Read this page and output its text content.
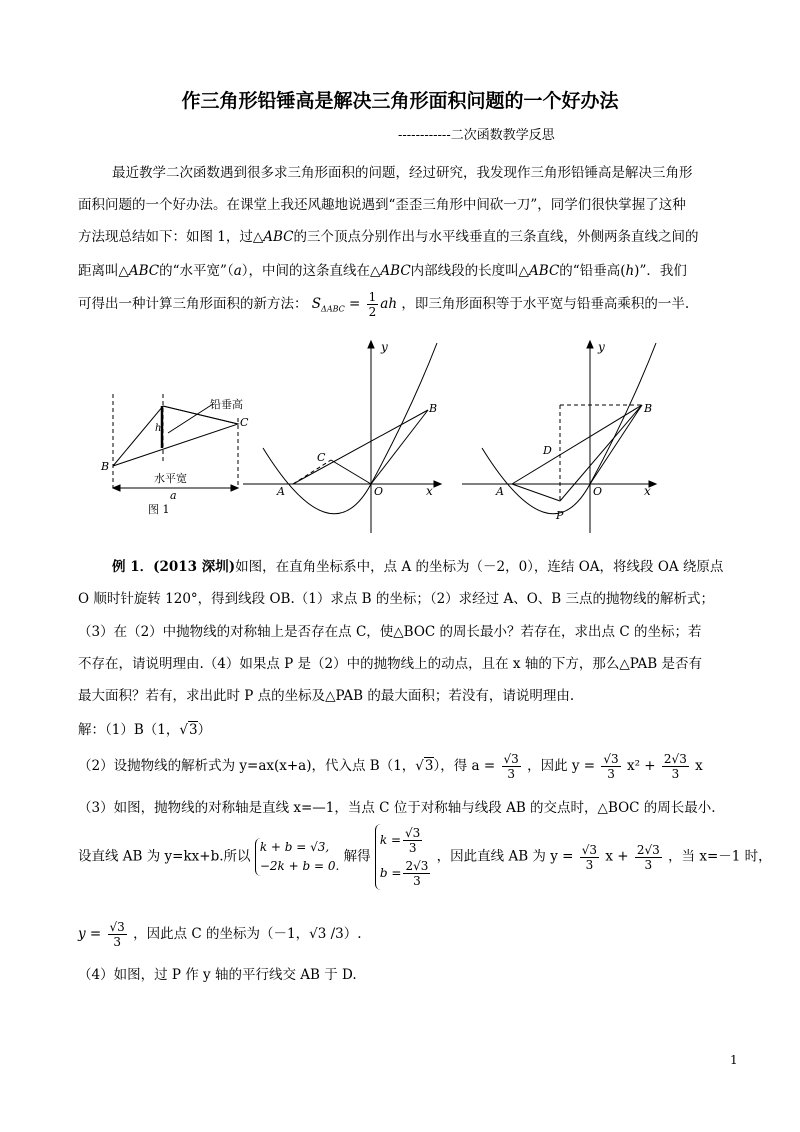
作三角形铅锤高是解决三角形面积问题的一个好办法
------------二次函数教学反思
最近教学二次函数遇到很多求三角形面积的问题，经过研究，我发现作三角形铅锤高是解决三角形
面积问题的一个好办法。在课堂上我还风趣地说遇到“歪歪三角形中间砍一刀”，同学们很快掌握了这种
方法现总结如下：如图 1，过△ABC的三个顶点分别作出与水平线垂直的三条直线，外侧两条直线之间的
距离叫△ABC的“水平宽”（a），中间的这条直线在△ABC内部线段的长度叫△ABC的“铅垂高(h)”．我们
可得出一种计算三角形面积的新方法： $S_{\Delta ABC} = \frac{1}{2}$ ah ，即三角形面积等于水平宽与铅垂高乘积的一半.
铅垂高
h
B
C
水平宽
a
图 1
y
x
A	O
B
C
y
x
A	O
B
D
P
例 1．(2013 深圳)如图，在直角坐标系中，点 A 的坐标为（－2，0），连结 OA，将线段 OA 绕原点
O 顺时针旋转 120°，得到线段 OB.（1）求点 B 的坐标；（2）求经过 A、O、B 三点的抛物线的解析式；
（3）在（2）中抛物线的对称轴上是否存在点 C，使△BOC 的周长最小？若存在，求出点 C 的坐标；若
不存在，请说明理由.（4）如果点 P 是（2）中的抛物线上的动点，且在 x 轴的下方，那么△PAB 是否有
最大面积？若有，求出此时 P 点的坐标及△PAB 的最大面积；若没有，请说明理由.
解：（1）B（1，√3）
（2）设抛物线的解析式为 y=ax(x+a)，代入点 B（1，√3），得 $a = \frac{√3}{3}$ ，因此 $y = \frac{√3}{3} x^2 + \frac{2√3}{3}$ x
（3）如图，抛物线的对称轴是直线 x=—1，当点 C 位于对称轴与线段 AB 的交点时，△BOC 的周长最小.
设直线 AB 为 y=kx+b.所以
k + b = √3,
−2k + b = 0.
解得
$k = \frac{√3}{3}$
$b = \frac{2√3}{3}$
，因此直线 AB 为 $y = \frac{√3}{3}$ $x + \frac{2√3}{3}$ ，当 x=－1 时，
$y = \frac{√3}{3}$ ，因此点 C 的坐标为（－1，√3 /3）.
（4）如图，过 P 作 y 轴的平行线交 AB 于 D.
1
